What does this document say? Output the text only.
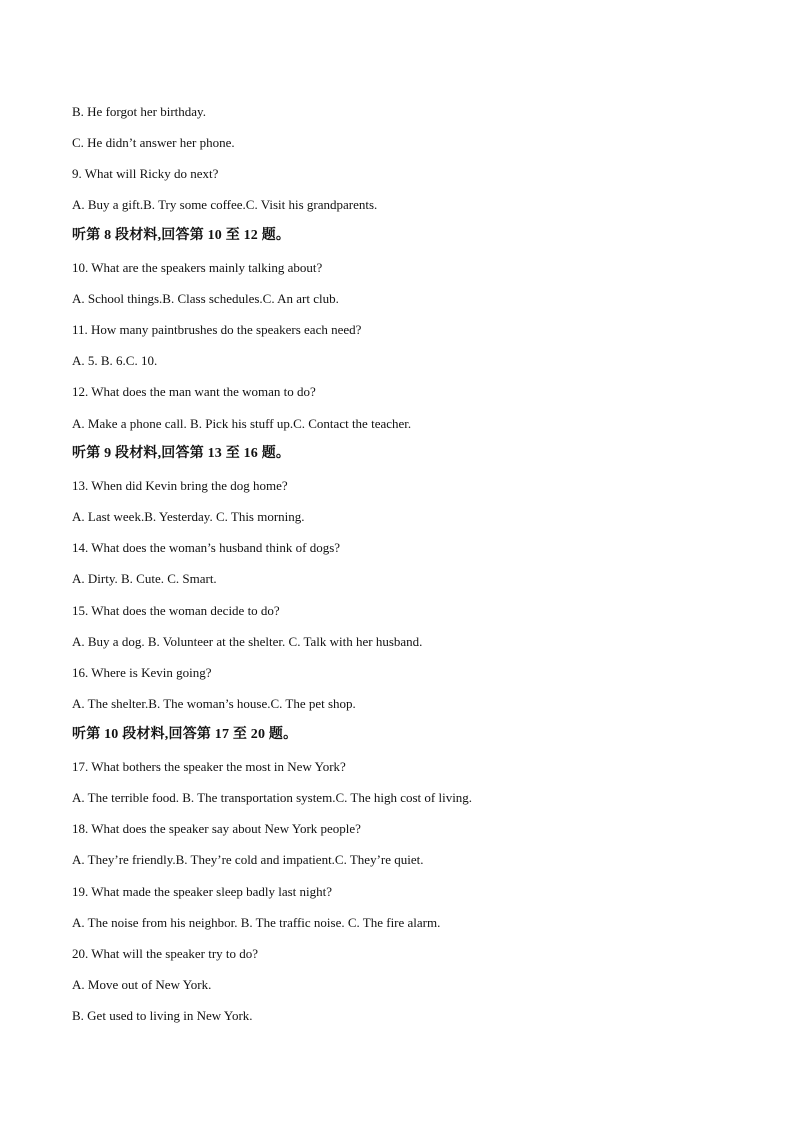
B. He forgot her birthday.
C. He didn’t answer her phone.
9. What will Ricky do next?
A. Buy a gift.B. Try some coffee.C. Visit his grandparents.
听第 8 段材料,回答第 10 至 12 题。
10. What are the speakers mainly talking about?
A. School things.B. Class schedules.C. An art club.
11. How many paintbrushes do the speakers each need?
A. 5. B. 6.C. 10.
12. What does the man want the woman to do?
A. Make a phone call. B. Pick his stuff up.C. Contact the teacher.
听第 9 段材料,回答第 13 至 16 题。
13. When did Kevin bring the dog home?
A. Last week.B. Yesterday. C. This morning.
14. What does the woman’s husband think of dogs?
A. Dirty. B. Cute. C. Smart.
15. What does the woman decide to do?
A. Buy a dog. B. Volunteer at the shelter. C. Talk with her husband.
16. Where is Kevin going?
A. The shelter.B. The woman’s house.C. The pet shop.
听第 10 段材料,回答第 17 至 20 题。
17. What bothers the speaker the most in New York?
A. The terrible food. B. The transportation system.C. The high cost of living.
18. What does the speaker say about New York people?
A. They’re friendly.B. They’re cold and impatient.C. They’re quiet.
19. What made the speaker sleep badly last night?
A. The noise from his neighbor. B. The traffic noise. C. The fire alarm.
20. What will the speaker try to do?
A. Move out of New York.
B. Get used to living in New York.
